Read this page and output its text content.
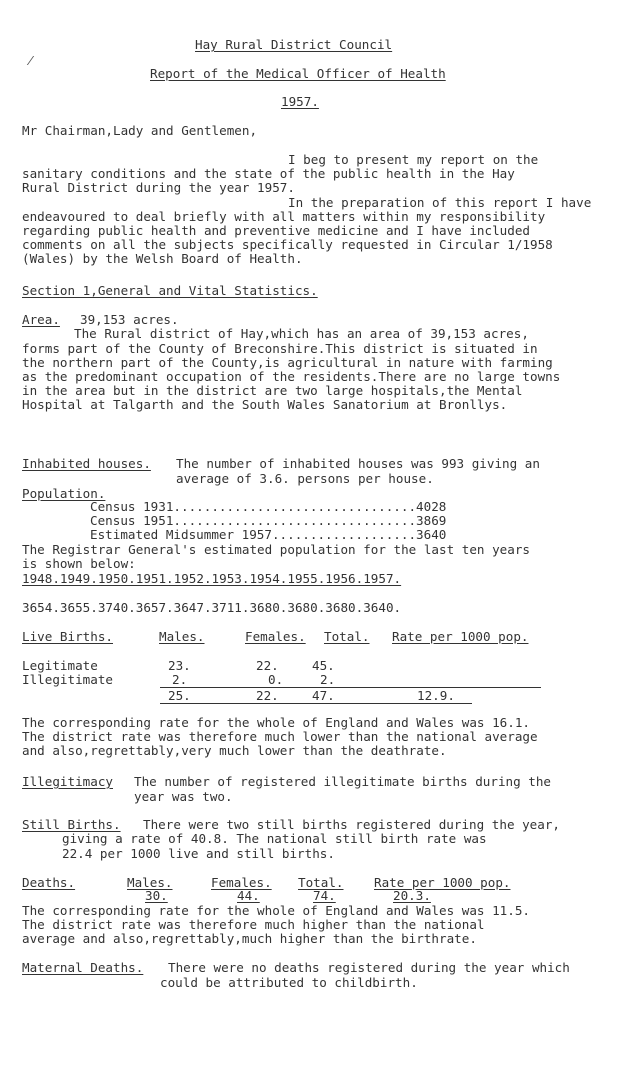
Hay Rural District Council
Report of the Medical Officer of Health
1957.
Mr Chairman,Lady and Gentlemen,
I beg to present my report on the
sanitary conditions and the state of the public health in the Hay
Rural District during the year 1957.
In the preparation of this report I have
endeavoured to deal briefly with all matters within my responsibility
regarding public health and preventive medicine and I have included
comments on all the subjects specifically requested in Circular 1/1958
(Wales) by the Welsh Board of Health.
Section 1,General and Vital Statistics.
Area. 39,153 acres.
The Rural district of Hay,which has an area of 39,153 acres,
forms part of the County of Breconshire.This district is situated in
the northern part of the County,is agricultural in nature with farming
as the predominant occupation of the residents.There are no large towns
in the area but in the district are two large hospitals,the Mental
Hospital at Talgarth and the South Wales Sanatorium at Bronllys.
Inhabited houses. The number of inhabited houses was 993 giving an
average of 3.6. persons per house.
Population.
Census 1931................................4028
Census 1951................................3869
Estimated Midsummer 1957...................3640
The Registrar General's estimated population for the last ten years
is shown below:
1948.1949.1950.1951.1952.1953.1954.1955.1956.1957.
3654.3655.3740.3657.3647.3711.3680.3680.3680.3640.
Live Births.	Males.	Females. Total. Rate per 1000 pop.
Legitimate	23.	22.	45.
Illegitimate	2.	0.	2.
25.	22.	47.	12.9.
The corresponding rate for the whole of England and Wales was 16.1.
The district rate was therefore much lower than the national average
and also,regrettably,very much lower than the deathrate.
Illegitimacy The number of registered illegitimate births during the
year was two.
Still Births. There were two still births registered during the year,
giving a rate of 40.8. The national still birth rate was
22.4 per 1000 live and still births.
Deaths.	Males.	Females. Total. Rate per 1000 pop.
30.	44.	74.	20.3.
The corresponding rate for the whole of England and Wales was 11.5.
The district rate was therefore much higher than the national
average and also,regrettably,much higher than the birthrate.
Maternal Deaths. There were no deaths registered during the year which
could be attributed to childbirth.
